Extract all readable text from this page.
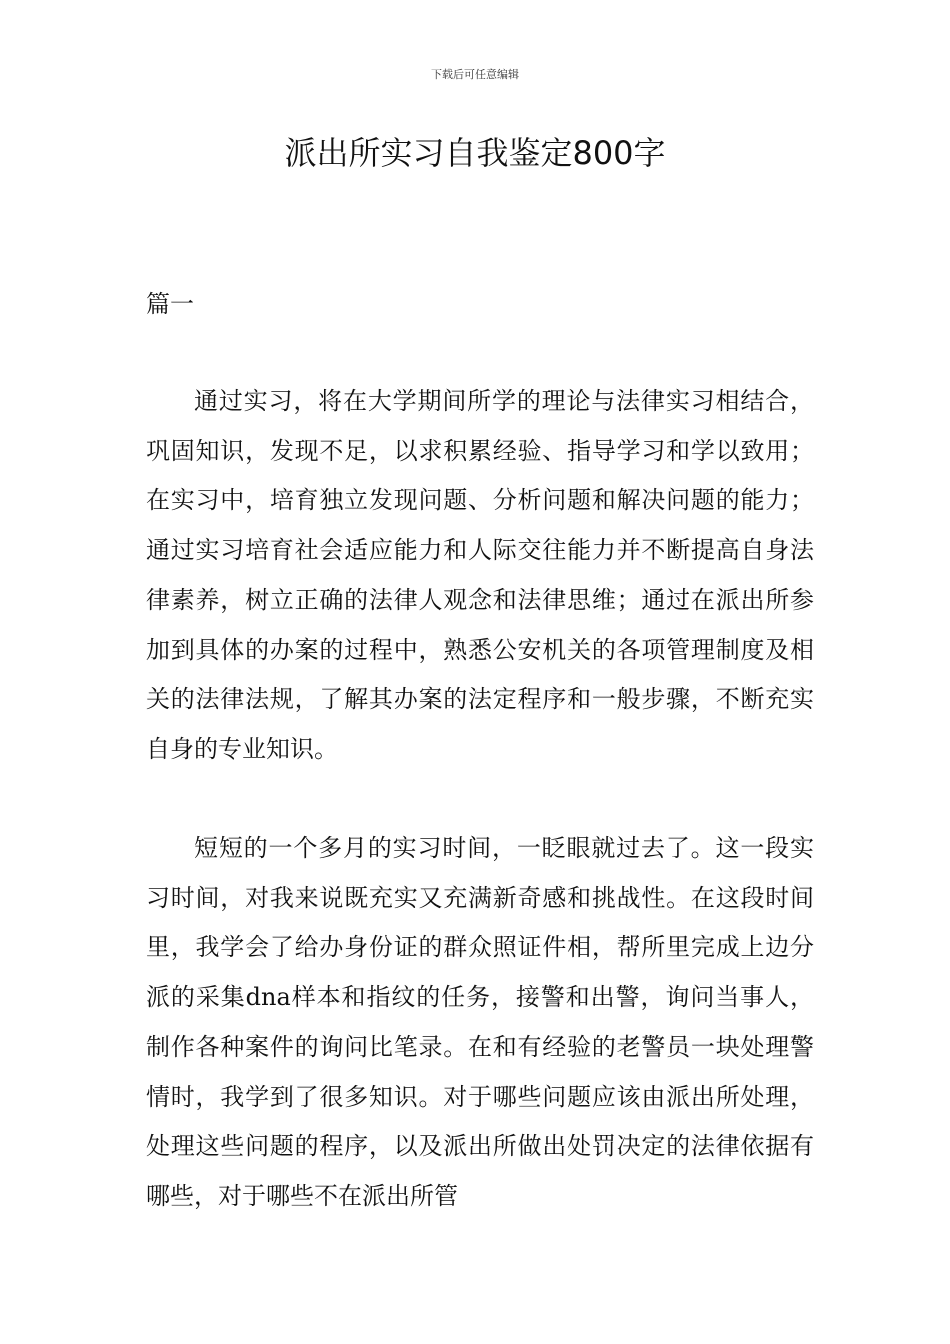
下载后可任意编辑
派出所实习自我鉴定800字
篇一

通过实习，将在大学期间所学的理论与法律实习相结合，巩固知识，发现不足，以求积累经验、指导学习和学以致用；在实习中，培育独立发现问题、分析问题和解决问题的能力；通过实习培育社会适应能力和人际交往能力并不断提高自身法律素养，树立正确的法律人观念和法律思维；通过在派出所参加到具体的办案的过程中，熟悉公安机关的各项管理制度及相关的法律法规，了解其办案的法定程序和一般步骤，不断充实自身的专业知识。

短短的一个多月的实习时间，一眨眼就过去了。这一段实习时间，对我来说既充实又充满新奇感和挑战性。在这段时间里，我学会了给办身份证的群众照证件相，帮所里完成上边分派的采集dna样本和指纹的任务，接警和出警，询问当事人，制作各种案件的询问比笔录。在和有经验的老警员一块处理警情时，我学到了很多知识。对于哪些问题应该由派出所处理，处理这些问题的程序，以及派出所做出处罚决定的法律依据有哪些，对于哪些不在派出所管
